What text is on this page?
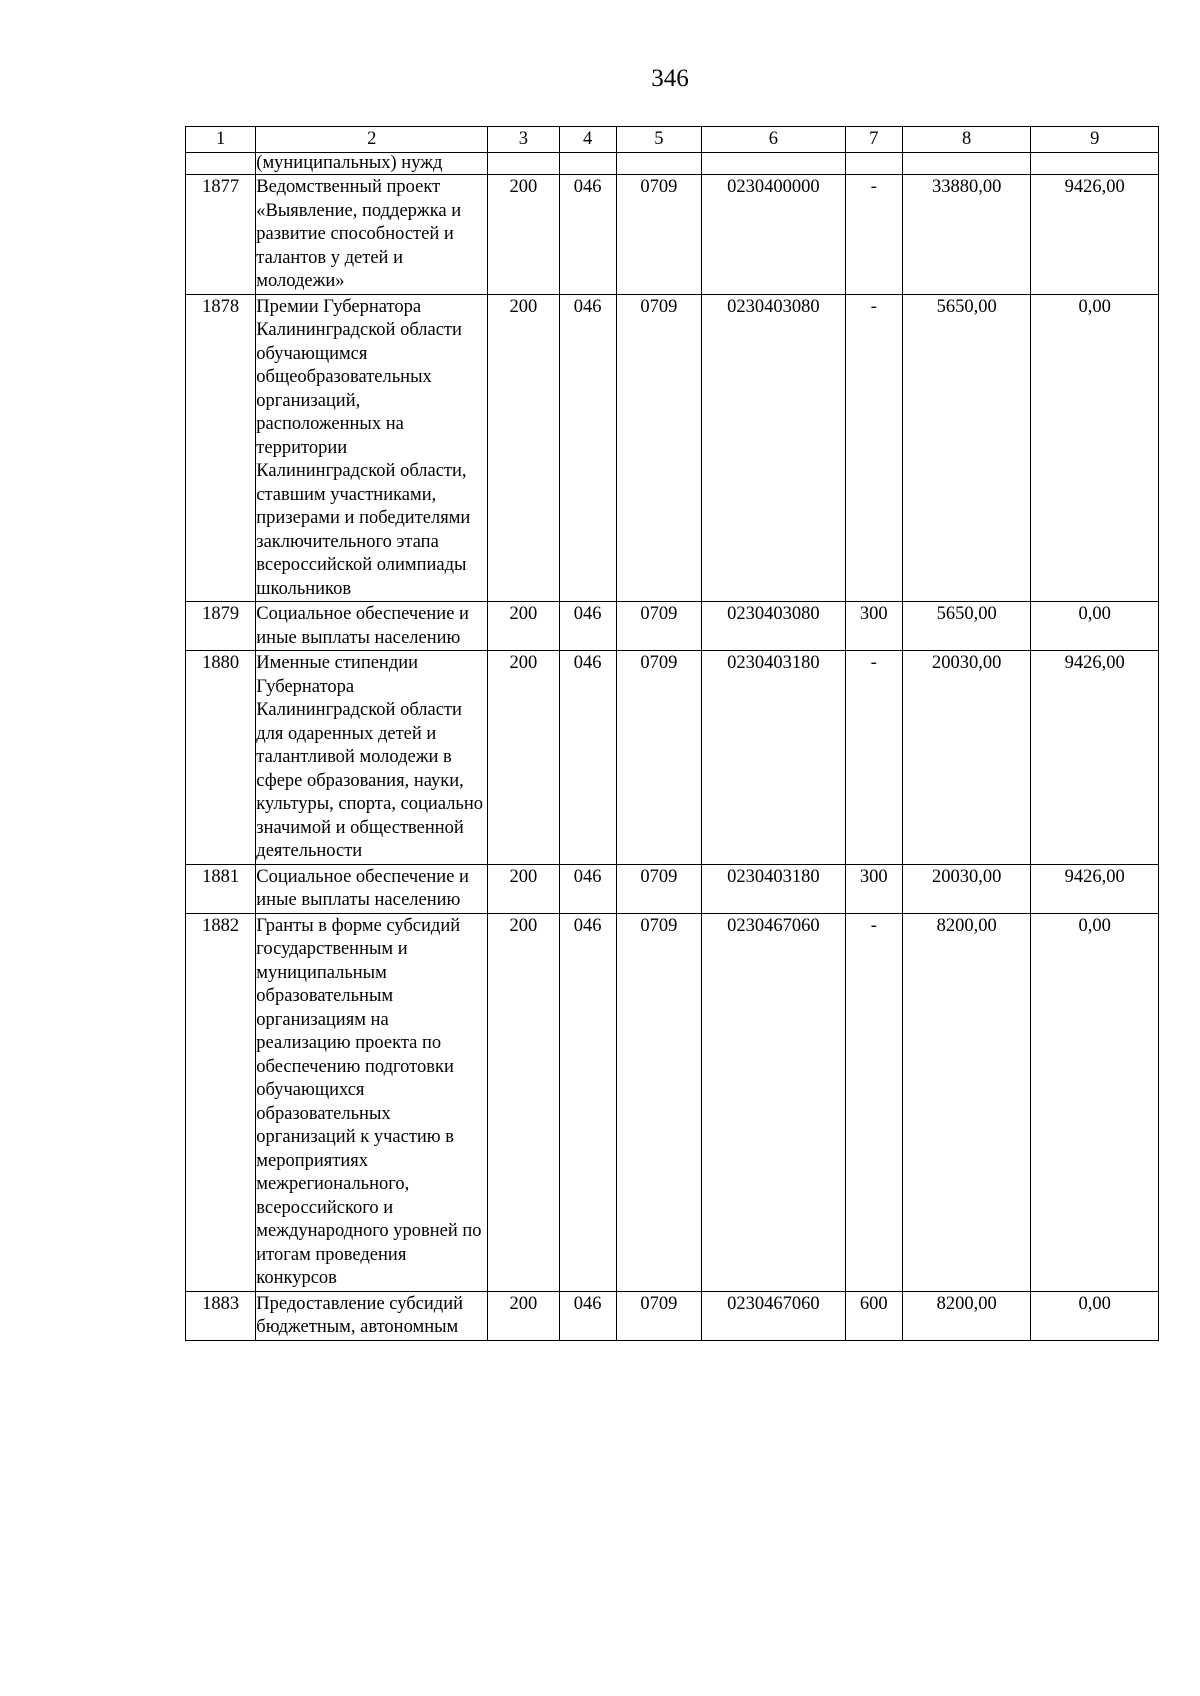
346
1	2	3	4	5	6	7	8	9
	(муниципальных) нужд							
1877	Ведомственный проект «Выявление, поддержка и развитие способностей и талантов у детей и молодежи»	200	046	0709	0230400000	-	33880,00	9426,00
1878	Премии Губернатора Калининградской области обучающимся общеобразовательных организаций, расположенных на территории Калининградской области, ставшим участниками, призерами и победителями заключительного этапа всероссийской олимпиады школьников	200	046	0709	0230403080	-	5650,00	0,00
1879	Социальное обеспечение и иные выплаты населению	200	046	0709	0230403080	300	5650,00	0,00
1880	Именные стипендии Губернатора Калининградской области для одаренных детей и талантливой молодежи в сфере образования, науки, культуры, спорта, социально значимой и общественной деятельности	200	046	0709	0230403180	-	20030,00	9426,00
1881	Социальное обеспечение и иные выплаты населению	200	046	0709	0230403180	300	20030,00	9426,00
1882	Гранты в форме субсидий государственным и муниципальным образовательным организациям на реализацию проекта по обеспечению подготовки обучающихся образовательных организаций к участию в мероприятиях межрегионального, всероссийского и международного уровней по итогам проведения конкурсов	200	046	0709	0230467060	-	8200,00	0,00
1883	Предоставление субсидий бюджетным, автономным	200	046	0709	0230467060	600	8200,00	0,00
